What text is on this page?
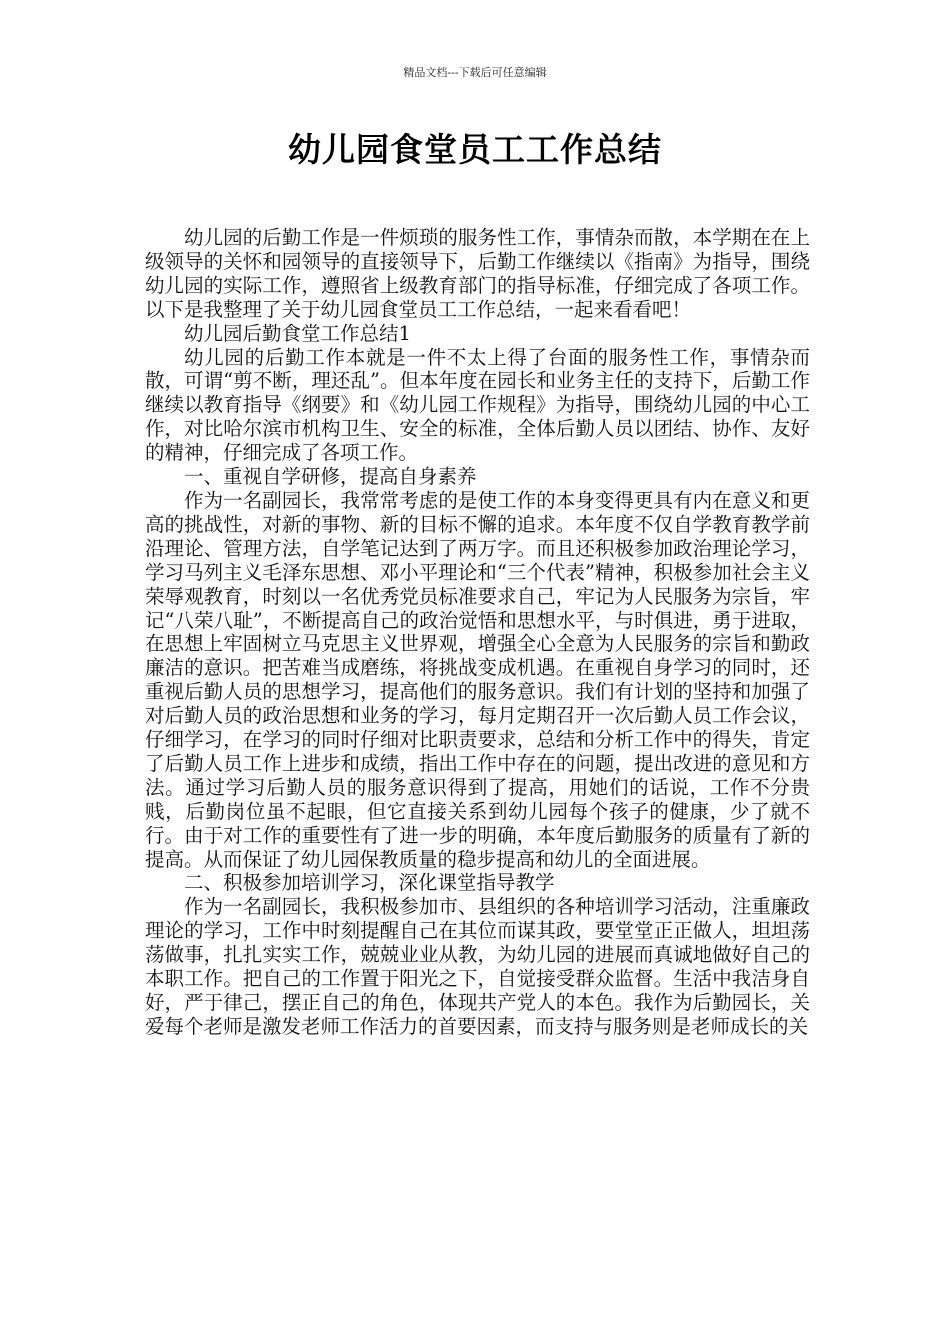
精品文档---下载后可任意编辑
幼儿园食堂员工工作总结

幼儿园的后勤工作是一件烦琐的服务性工作，事情杂而散，本学期在在上级领导的关怀和园领导的直接领导下，后勤工作继续以《指南》为指导，围绕幼儿园的实际工作，遵照省上级教育部门的指导标准，仔细完成了各项工作。以下是我整理了关于幼儿园食堂员工工作总结，一起来看看吧！

幼儿园后勤食堂工作总结1

幼儿园的后勤工作本就是一件不太上得了台面的服务性工作，事情杂而散，可谓“剪不断，理还乱”。但本年度在园长和业务主任的支持下，后勤工作继续以教育指导《纲要》和《幼儿园工作规程》为指导，围绕幼儿园的中心工作，对比哈尔滨市机构卫生、安全的标准，全体后勤人员以团结、协作、友好的精神，仔细完成了各项工作。

一、重视自学研修，提高自身素养

作为一名副园长，我常常考虑的是使工作的本身变得更具有内在意义和更高的挑战性，对新的事物、新的目标不懈的追求。本年度不仅自学教育教学前沿理论、管理方法，自学笔记达到了两万字。而且还积极参加政治理论学习，学习马列主义毛泽东思想、邓小平理论和“三个代表”精神，积极参加社会主义荣辱观教育，时刻以一名优秀党员标准要求自己，牢记为人民服务为宗旨，牢记“八荣八耻”，不断提高自己的政治觉悟和思想水平，与时俱进，勇于进取，在思想上牢固树立马克思主义世界观，增强全心全意为人民服务的宗旨和勤政廉洁的意识。把苦难当成磨练，将挑战变成机遇。在重视自身学习的同时，还重视后勤人员的思想学习，提高他们的服务意识。我们有计划的坚持和加强了对后勤人员的政治思想和业务的学习，每月定期召开一次后勤人员工作会议，仔细学习，在学习的同时仔细对比职责要求，总结和分析工作中的得失，肯定了后勤人员工作上进步和成绩，指出工作中存在的问题，提出改进的意见和方法。通过学习后勤人员的服务意识得到了提高，用她们的话说，工作不分贵贱，后勤岗位虽不起眼，但它直接关系到幼儿园每个孩子的健康，少了就不行。由于对工作的重要性有了进一步的明确，本年度后勤服务的质量有了新的提高。从而保证了幼儿园保教质量的稳步提高和幼儿的全面进展。

二、积极参加培训学习，深化课堂指导教学

作为一名副园长，我积极参加市、县组织的各种培训学习活动，注重廉政理论的学习，工作中时刻提醒自己在其位而谋其政，要堂堂正正做人，坦坦荡荡做事，扎扎实实工作，兢兢业业从教，为幼儿园的进展而真诚地做好自己的本职工作。把自己的工作置于阳光之下，自觉接受群众监督。生活中我洁身自好，严于律己，摆正自己的角色，体现共产党人的本色。我作为后勤园长，关爱每个老师是激发老师工作活力的首要因素，而支持与服务则是老师成长的关
